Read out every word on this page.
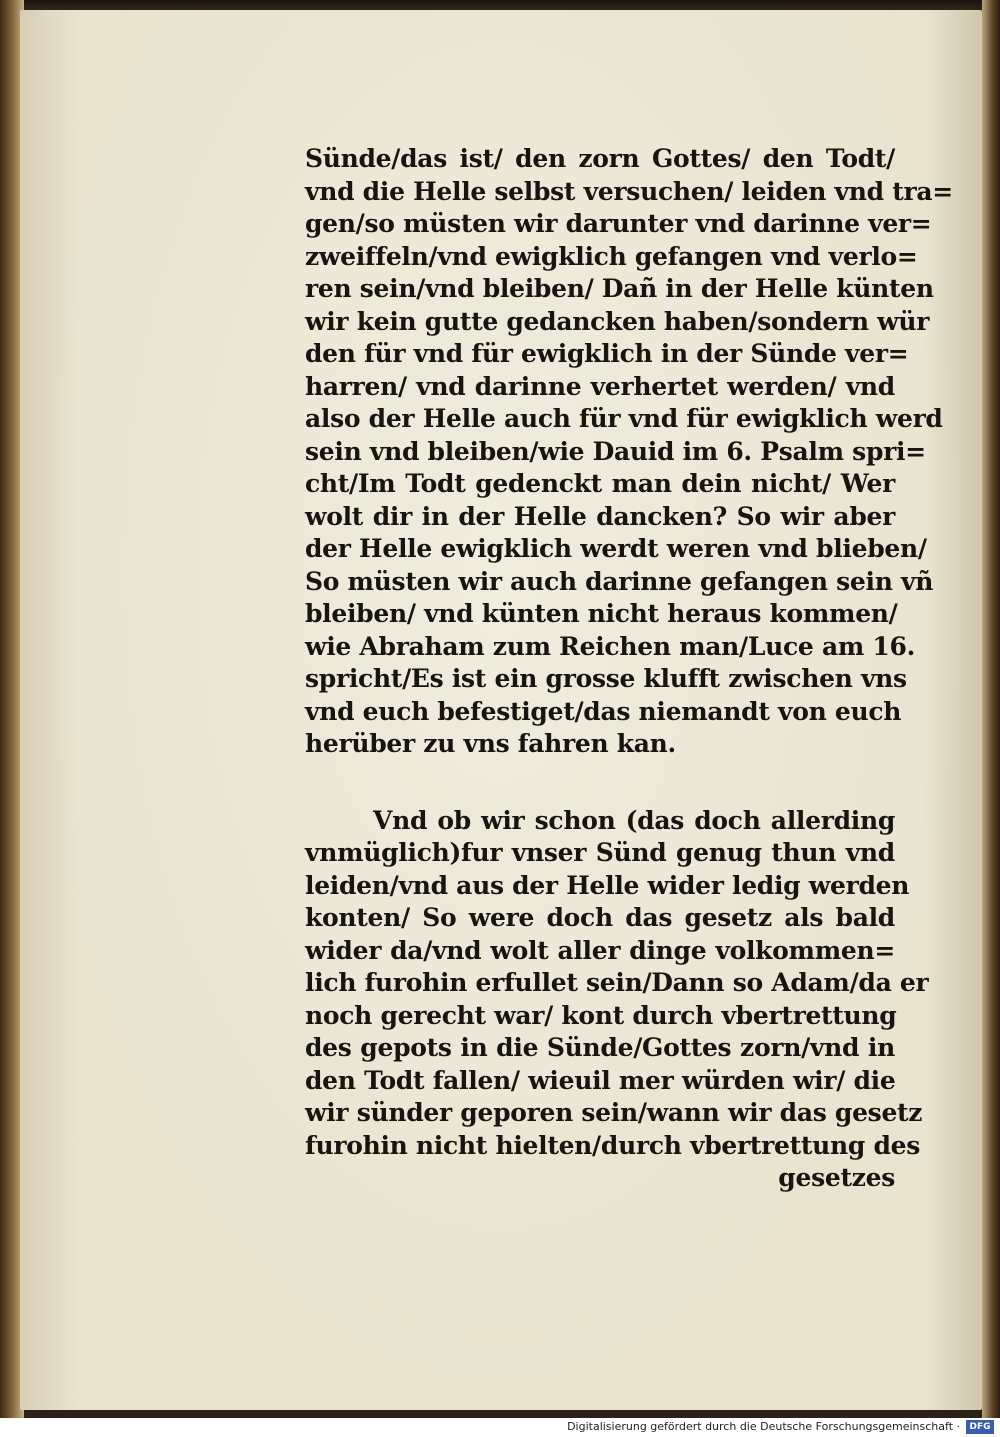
Sünde/das ist/ den zorn Gottes/ den Todt/
vnd die Helle selbst versuchen/ leiden vnd tra=
gen/so müsten wir darunter vnd darinne ver=
zweiffeln/vnd ewigklich gefangen vnd verlo=
ren sein/vnd bleiben/ Dañ in der Helle künten
wir kein gutte gedancken haben/sondern wür
den für vnd für ewigklich in der Sünde ver=
harren/ vnd darinne verhertet werden/ vnd
also der Helle auch für vnd für ewigklich werd
sein vnd bleiben/wie Dauid im 6. Psalm spri=
cht/Im Todt gedenckt man dein nicht/ Wer
wolt dir in der Helle dancken? So wir aber
der Helle ewigklich werdt weren vnd blieben/
So müsten wir auch darinne gefangen sein vñ
bleiben/ vnd künten nicht heraus kommen/
wie Abraham zum Reichen man/Luce am 16.
spricht/Es ist ein grosse klufft zwischen vns
vnd euch befestiget/das niemandt von euch
herüber zu vns fahren kan.
Vnd ob wir schon (das doch allerding
vnmüglich)fur vnser Sünd genug thun vnd
leiden/vnd aus der Helle wider ledig werden
konten/ So were doch das gesetz als bald
wider da/vnd wolt aller dinge volkommen=
lich furohin erfullet sein/Dann so Adam/da er
noch gerecht war/ kont durch vbertrettung
des gepots in die Sünde/Gottes zorn/vnd in
den Todt fallen/ wieuil mer würden wir/ die
wir sünder geporen sein/wann wir das gesetz
furohin nicht hielten/durch vbertrettung des
gesetzes
Digitalisierung gefördert durch die Deutsche Forschungsgemeinschaft ·	DFG
